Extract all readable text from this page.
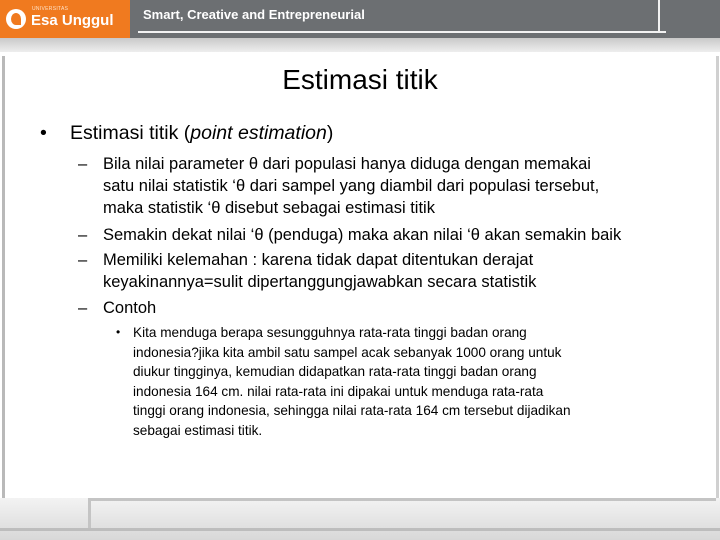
UNIVERSITAS
Esa Unggul Smart, Creative and Entrepreneurial
Estimasi titik
• Estimasi titik (point estimation)
– Bila nilai parameter θ dari populasi hanya diduga dengan memakai
satu nilai statistik ‘θ dari sampel yang diambil dari populasi tersebut,
maka statistik ‘θ disebut sebagai estimasi titik
– Semakin dekat nilai ‘θ (penduga) maka akan nilai ‘θ akan semakin baik
– Memiliki kelemahan : karena tidak dapat ditentukan derajat
keyakinannya=sulit dipertanggungjawabkan secara statistik
– Contoh
• Kita menduga berapa sesungguhnya rata-rata tinggi badan orang
indonesia?jika kita ambil satu sampel acak sebanyak 1000 orang untuk
diukur tingginya, kemudian didapatkan rata-rata tinggi badan orang
indonesia 164 cm. nilai rata-rata ini dipakai untuk menduga rata-rata
tinggi orang indonesia, sehingga nilai rata-rata 164 cm tersebut dijadikan
sebagai estimasi titik.
